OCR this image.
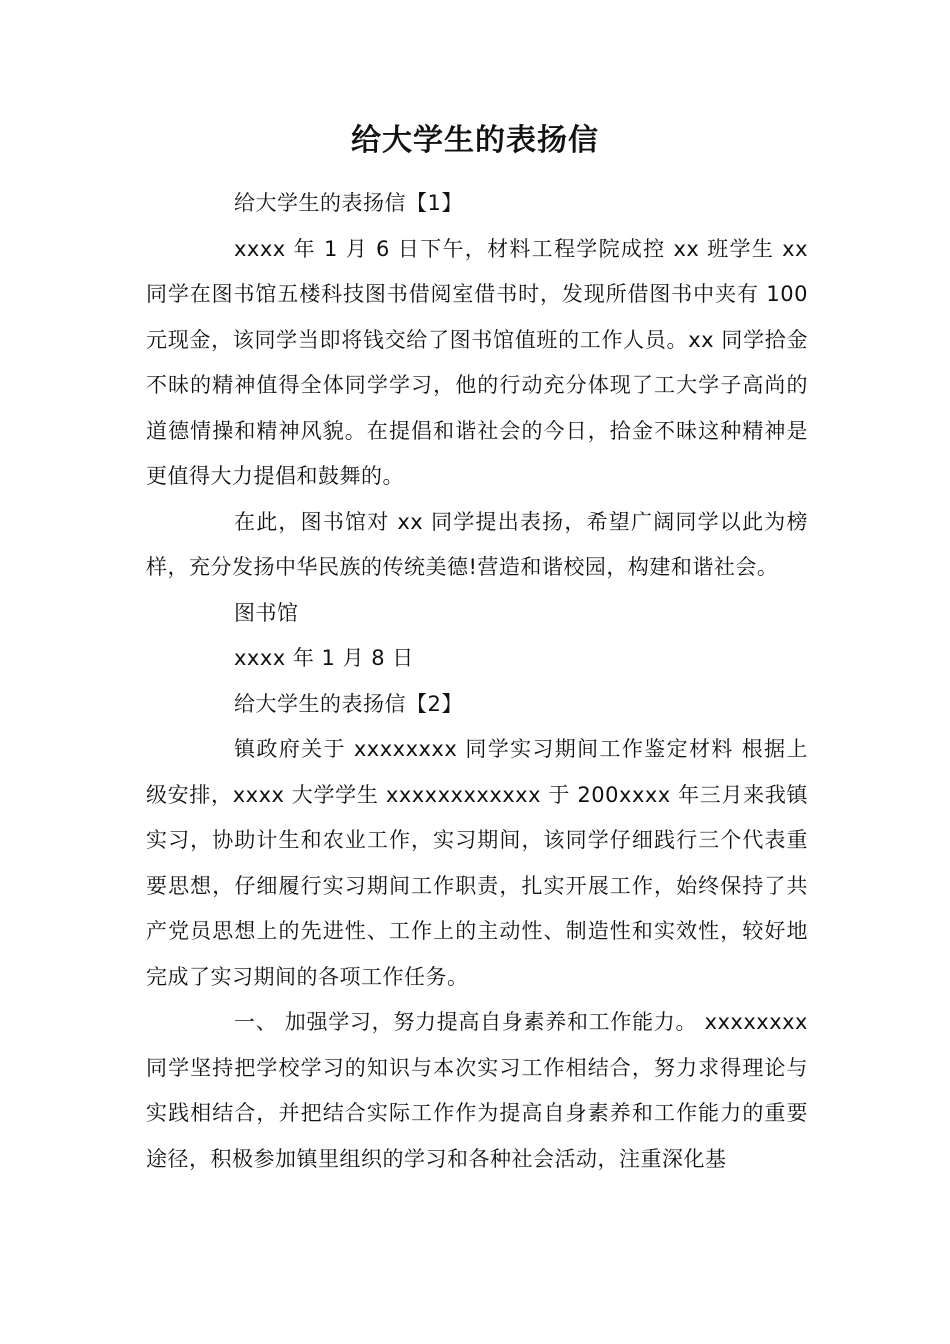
给大学生的表扬信

给大学生的表扬信【1】

xxxx 年 1 月 6 日下午，材料工程学院成控 xx 班学生 xx 同学在图书馆五楼科技图书借阅室借书时，发现所借图书中夹有 100 元现金，该同学当即将钱交给了图书馆值班的工作人员。xx 同学拾金不昧的精神值得全体同学学习，他的行动充分体现了工大学子高尚的道德情操和精神风貌。在提倡和谐社会的今日，拾金不昧这种精神是更值得大力提倡和鼓舞的。

在此，图书馆对 xx 同学提出表扬，希望广阔同学以此为榜样，充分发扬中华民族的传统美德!营造和谐校园，构建和谐社会。

图书馆

xxxx 年 1 月 8 日

给大学生的表扬信【2】

镇政府关于 xxxxxxxx 同学实习期间工作鉴定材料 根据上级安排，xxxx 大学学生 xxxxxxxxxxxx 于 200xxxx 年三月来我镇实习，协助计生和农业工作，实习期间，该同学仔细践行三个代表重要思想，仔细履行实习期间工作职责，扎实开展工作，始终保持了共产党员思想上的先进性、工作上的主动性、制造性和实效性，较好地完成了实习期间的各项工作任务。

一、 加强学习，努力提高自身素养和工作能力。 xxxxxxxx 同学坚持把学校学习的知识与本次实习工作相结合，努力求得理论与实践相结合，并把结合实际工作作为提高自身素养和工作能力的重要途径，积极参加镇里组织的学习和各种社会活动，注重深化基
